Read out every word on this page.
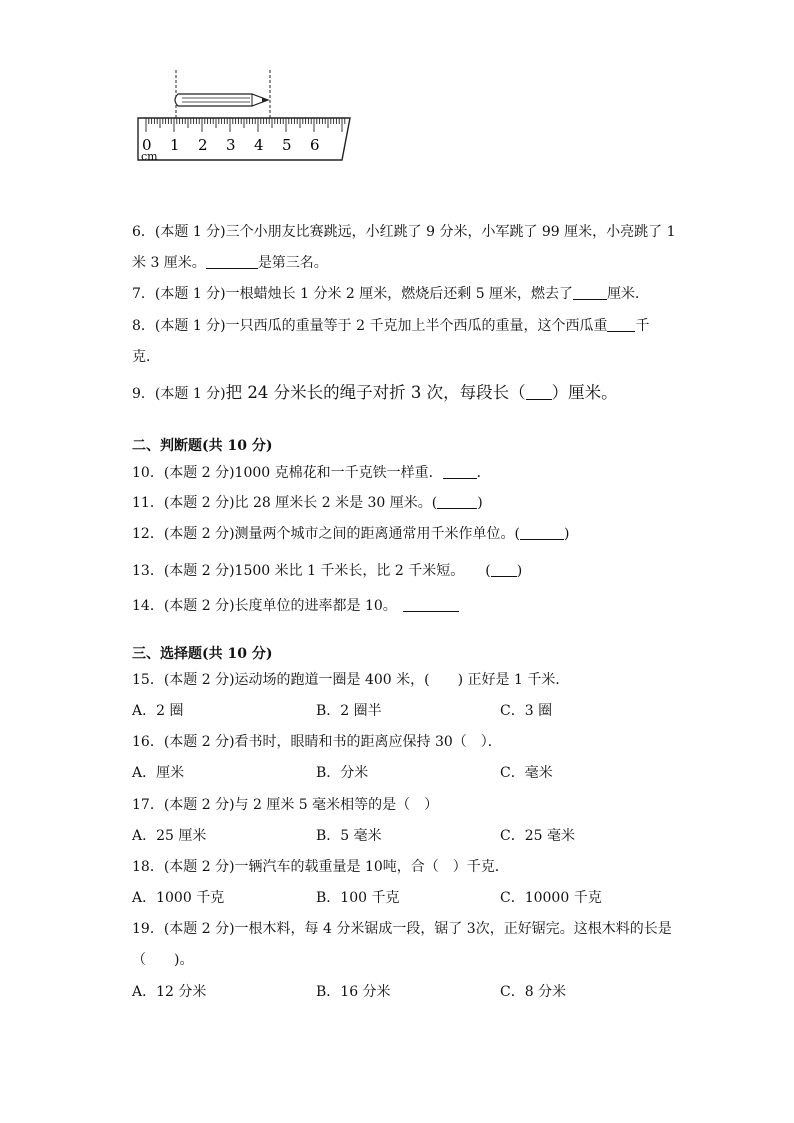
0 1 2 3 4 5 6
cm
6．(本题 1 分)三个小朋友比赛跳远，小红跳了 9 分米，小军跳了 99 厘米，小亮跳了 1
米 3 厘米。	是第三名。
7．(本题 1 分)一根蜡烛长 1 分米 2 厘米，燃烧后还剩 5 厘米，燃去了 厘米．
8．(本题 1 分)一只西瓜的重量等于 2 千克加上半个西瓜的重量，这个西瓜重 千
克．
9．(本题 1 分)把 24 分米长的绳子对折 3 次，每段长（ ）厘米。
二、判断题(共 10 分)
10．(本题 2 分)1000 克棉花和一千克铁一样重． ．
11．(本题 2 分)比 28 厘米长 2 米是 30 厘米。(	)
12．(本题 2 分)测量两个城市之间的距离通常用千米作单位。(	)
13．(本题 2 分)1500 米比 1 千米长，比 2 千米短。　　( )
14．(本题 2 分)长度单位的进率都是 10。
三、选择题(共 10 分)
15．(本题 2 分)运动场的跑道一圈是 400 米，(　　) 正好是 1 千米．
A．2 圈	B．2 圈半	C．3 圈
16．(本题 2 分)看书时，眼睛和书的距离应保持 30（　）．
A．厘米	B．分米	C．毫米
17．(本题 2 分)与 2 厘米 5 毫米相等的是（　）
A．25 厘米	B．5 毫米	C．25 毫米
18．(本题 2 分)一辆汽车的载重量是 10吨，合（　）千克．
A．1000 千克	B．100 千克	C．10000 千克
19．(本题 2 分)一根木料，每 4 分米锯成一段，锯了 3次，正好锯完。这根木料的长是
（　　)。
A．12 分米	B．16 分米	C．8 分米
